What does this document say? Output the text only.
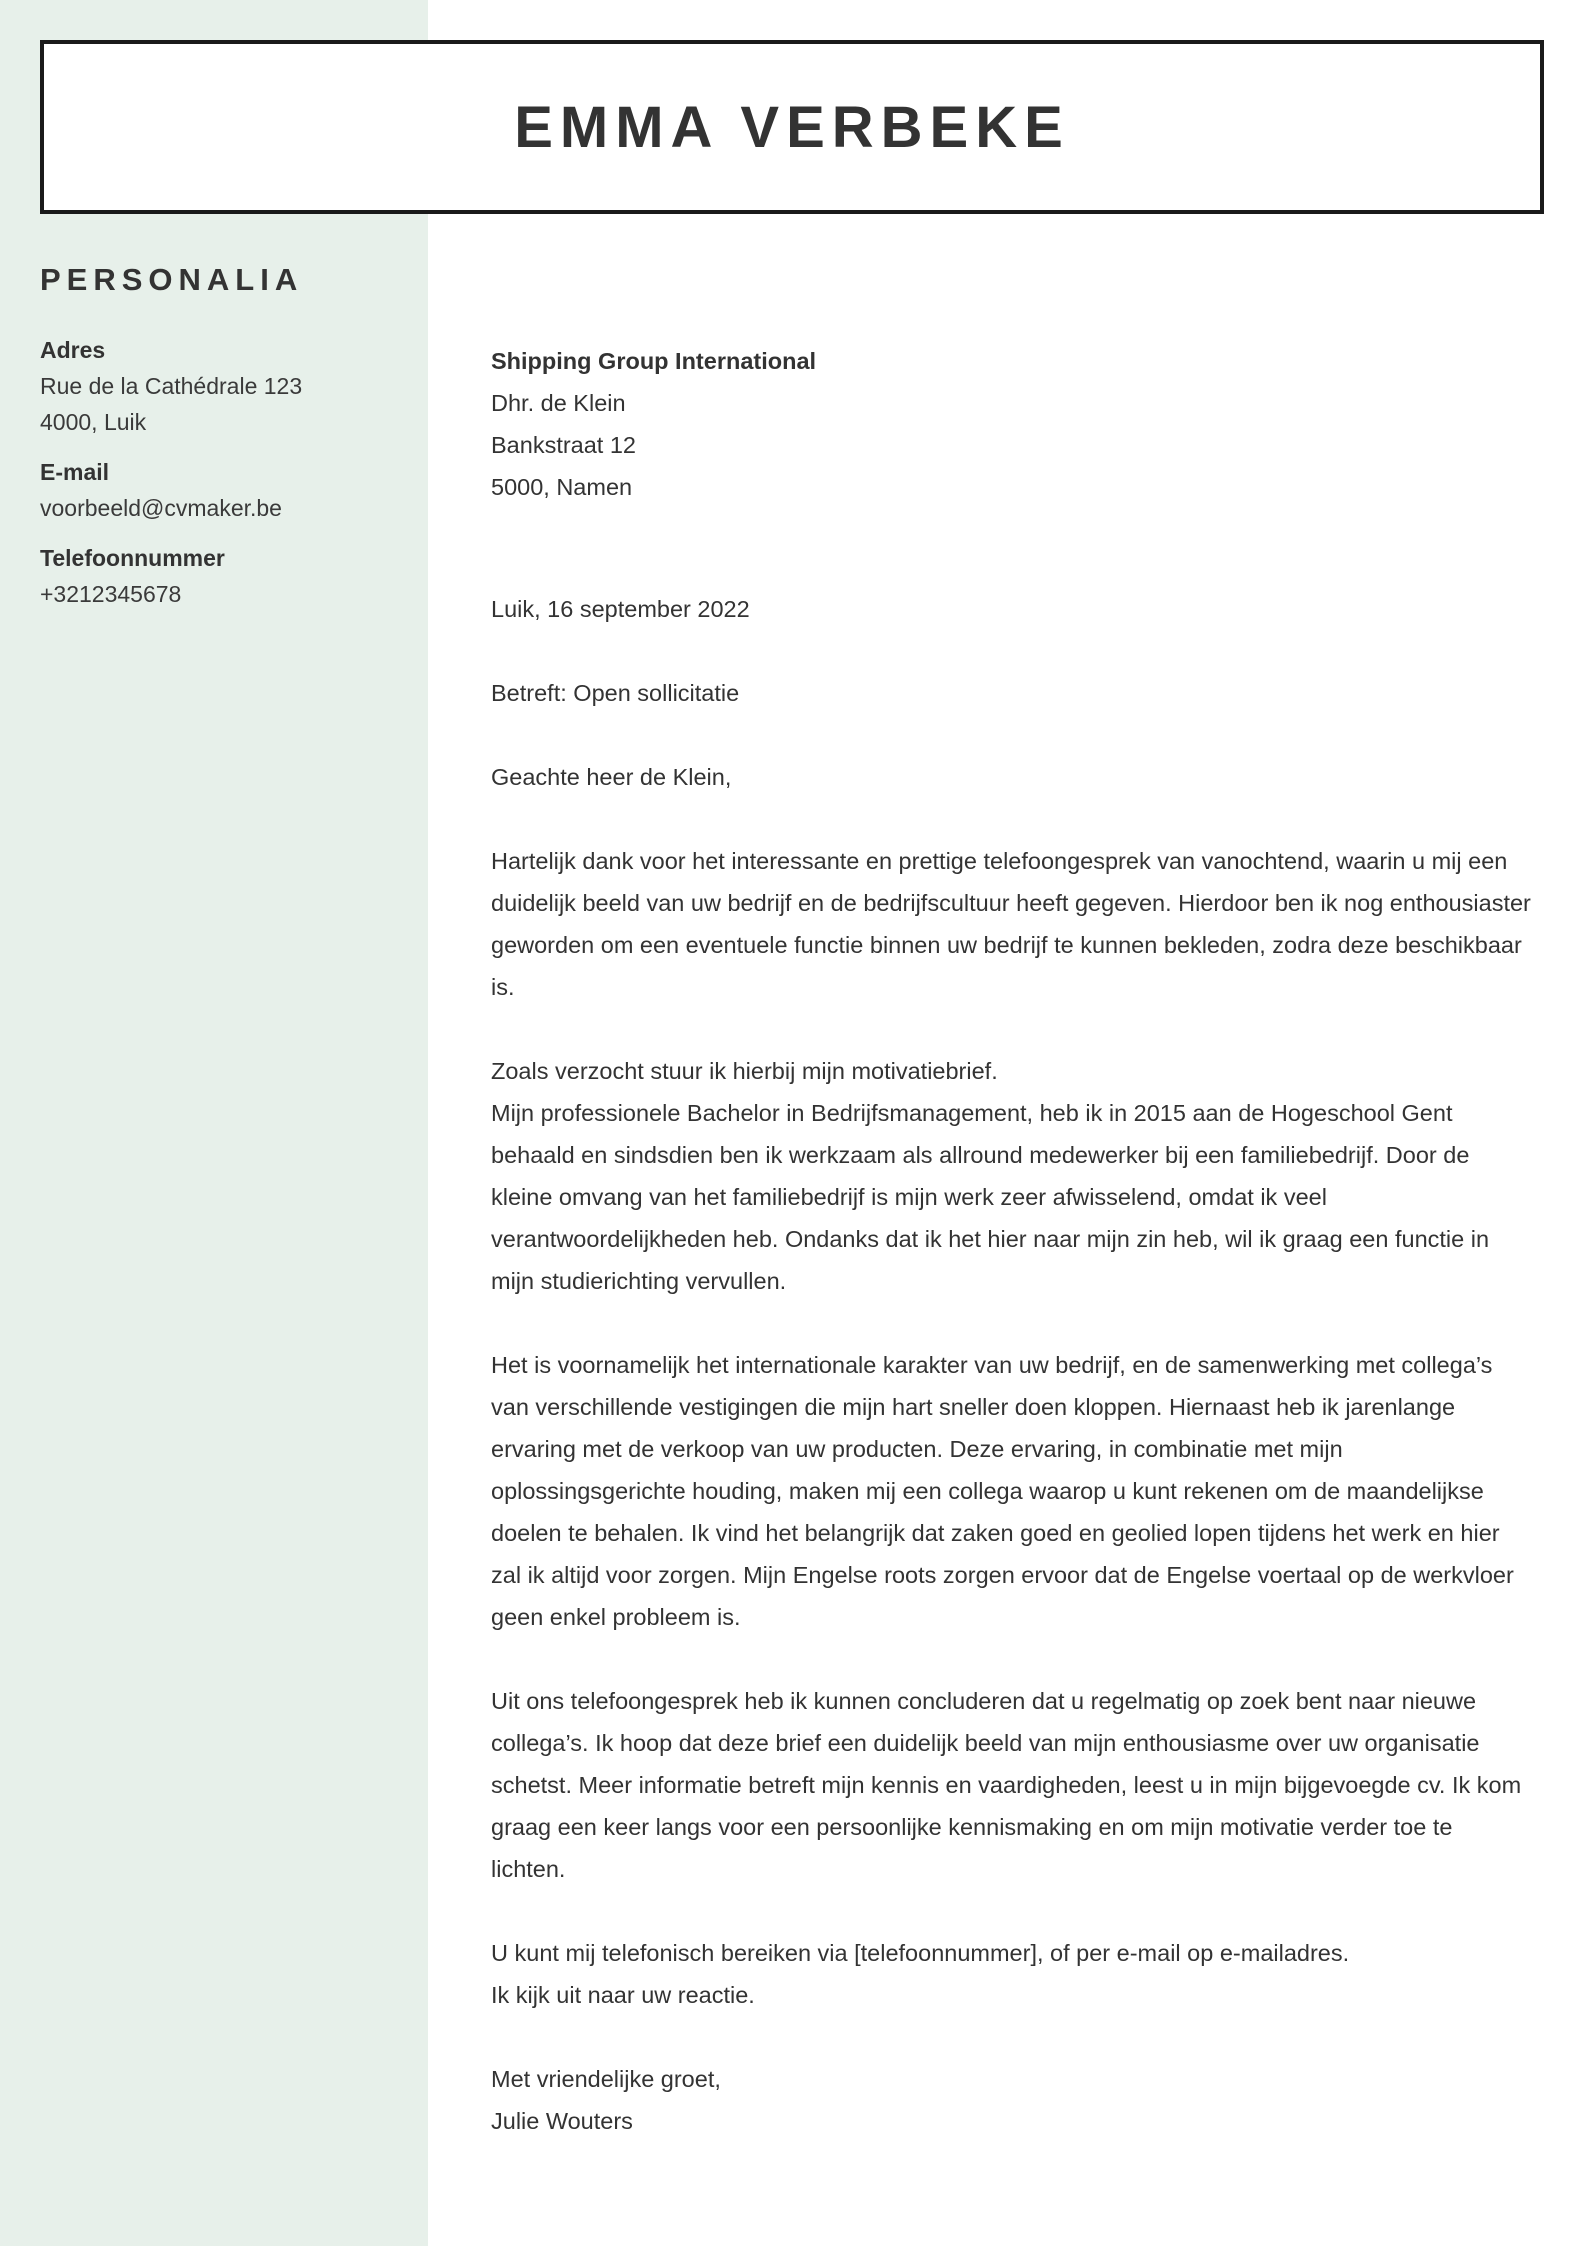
EMMA VERBEKE
PERSONALIA
Adres
Rue de la Cathédrale 123
4000, Luik
E-mail
voorbeeld@cvmaker.be
Telefoonnummer
+3212345678
Shipping Group International
Dhr. de Klein
Bankstraat 12
5000, Namen

Luik, 16 september 2022

Betreft: Open sollicitatie

Geachte heer de Klein,

Hartelijk dank voor het interessante en prettige telefoongesprek van vanochtend, waarin u mij een duidelijk beeld van uw bedrijf en de bedrijfscultuur heeft gegeven. Hierdoor ben ik nog enthousiaster geworden om een eventuele functie binnen uw bedrijf te kunnen bekleden, zodra deze beschikbaar is.

Zoals verzocht stuur ik hierbij mijn motivatiebrief.
Mijn professionele Bachelor in Bedrijfsmanagement, heb ik in 2015 aan de Hogeschool Gent behaald en sindsdien ben ik werkzaam als allround medewerker bij een familiebedrijf. Door de kleine omvang van het familiebedrijf is mijn werk zeer afwisselend, omdat ik veel verantwoordelijkheden heb. Ondanks dat ik het hier naar mijn zin heb, wil ik graag een functie in mijn studierichting vervullen.

Het is voornamelijk het internationale karakter van uw bedrijf, en de samenwerking met collega’s van verschillende vestigingen die mijn hart sneller doen kloppen. Hiernaast heb ik jarenlange ervaring met de verkoop van uw producten. Deze ervaring, in combinatie met mijn oplossingsgerichte houding, maken mij een collega waarop u kunt rekenen om de maandelijkse doelen te behalen. Ik vind het belangrijk dat zaken goed en geolied lopen tijdens het werk en hier zal ik altijd voor zorgen. Mijn Engelse roots zorgen ervoor dat de Engelse voertaal op de werkvloer geen enkel probleem is.

Uit ons telefoongesprek heb ik kunnen concluderen dat u regelmatig op zoek bent naar nieuwe collega’s. Ik hoop dat deze brief een duidelijk beeld van mijn enthousiasme over uw organisatie schetst. Meer informatie betreft mijn kennis en vaardigheden, leest u in mijn bijgevoegde cv. Ik kom graag een keer langs voor een persoonlijke kennismaking en om mijn motivatie verder toe te lichten.

U kunt mij telefonisch bereiken via [telefoonnummer], of per e-mail op e-mailadres.
Ik kijk uit naar uw reactie.
Met vriendelijke groet,
Julie Wouters
